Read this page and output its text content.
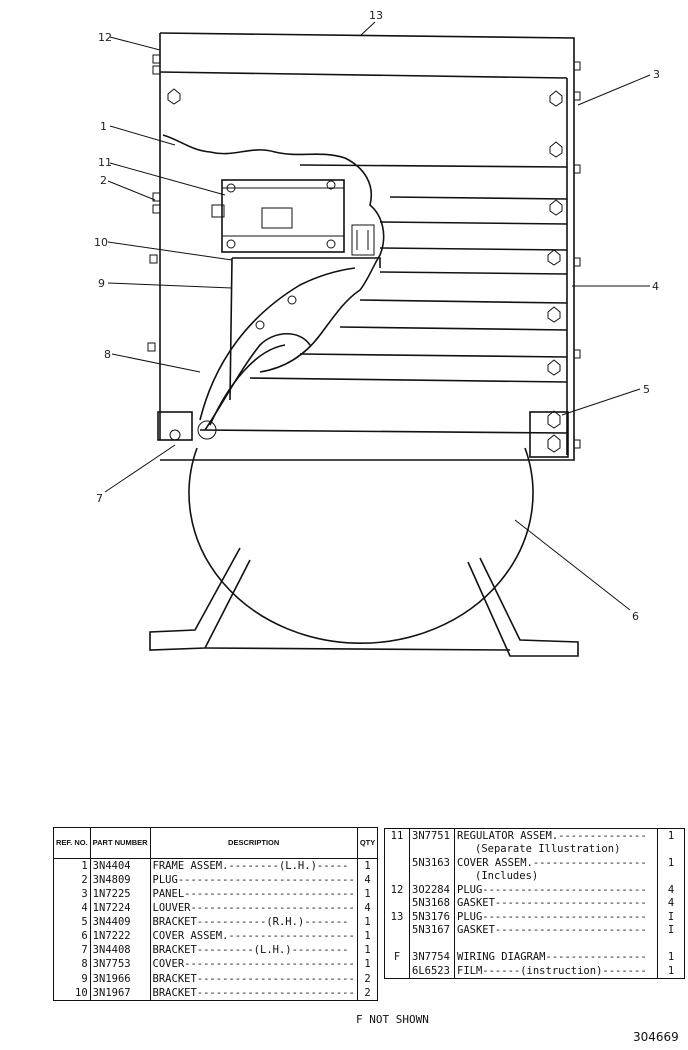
12
13
3
1
11
2
10
9
8
4
5
7
6
REF. NO.	PART NUMBER	DESCRIPTION	QTY
1	3N4404	FRAME ASSEM.--------(L.H.)-----	1
2	3N4809	PLUG----------------------------	4
3	1N7225	PANEL---------------------------	1
4	1N7224	LOUVER--------------------------	4
5	3N4409	BRACKET-----------(R.H.)-------	1
6	1N7222	COVER ASSEM.--------------------	1
7	3N4408	BRACKET---------(L.H.)---------	1
8	3N7753	COVER---------------------------	1
9	3N1966	BRACKET-------------------------	2
10	3N1967	BRACKET-------------------------	2
11	3N7751	REGULATOR ASSEM.--------------	1
		(Separate Illustration)	
	5N3163	COVER ASSEM.------------------	1
		(Includes)	
12	3O2284	PLUG--------------------------	4
	5N3168	GASKET------------------------	4
13	5N3176	PLUG--------------------------	I
	5N3167	GASKET------------------------	I

F	3N7754	WIRING DIAGRAM----------------	1
	6L6523	FILM------(instruction)-------	1
F NOT SHOWN
304669
